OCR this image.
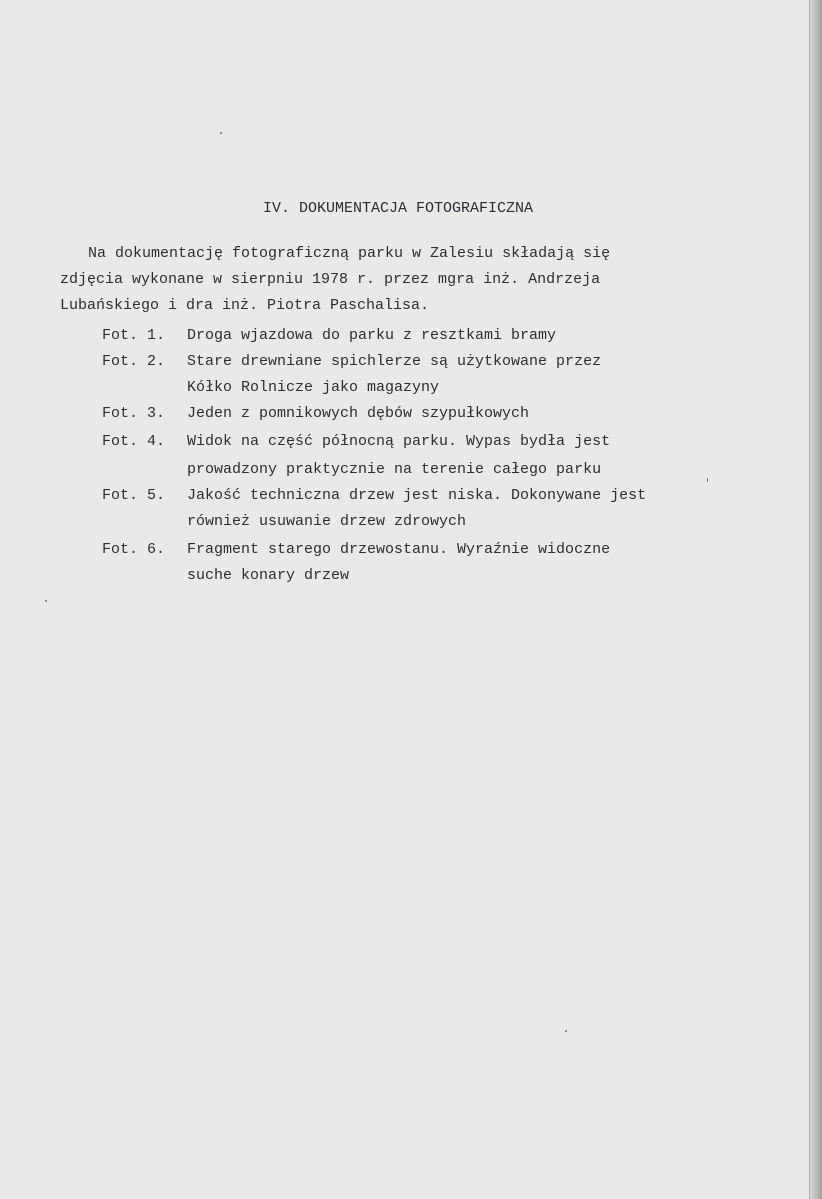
IV. DOKUMENTACJA FOTOGRAFICZNA
Na dokumentację fotograficzną parku w Zalesiu składają się
zdjęcia wykonane w sierpniu 1978 r. przez mgra inż. Andrzeja
Lubańskiego i dra inż. Piotra Paschalisa.
Fot. 1. Droga wjazdowa do parku z resztkami bramy
Fot. 2. Stare drewniane spichlerze są użytkowane przez
Kółko Rolnicze jako magazyny
Fot. 3. Jeden z pomnikowych dębów szypułkowych
Fot. 4. Widok na część północną parku. Wypas bydła jest
prowadzony praktycznie na terenie całego parku
Fot. 5. Jakość techniczna drzew jest niska. Dokonywane jest
również usuwanie drzew zdrowych
Fot. 6. Fragment starego drzewostanu. Wyraźnie widoczne
suche konary drzew
